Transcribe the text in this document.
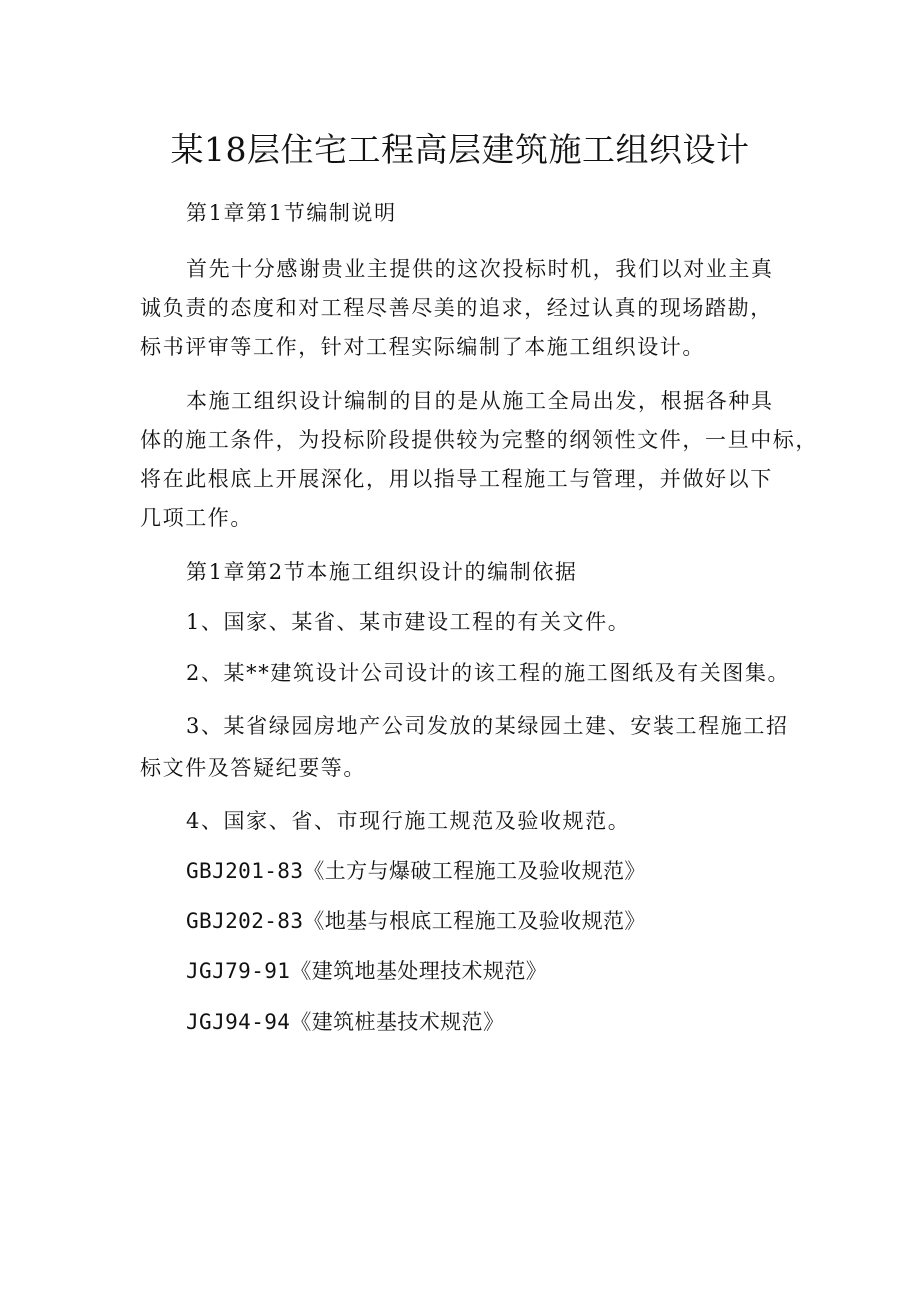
某18层住宅工程高层建筑施工组织设计
第1章第1节编制说明
首先十分感谢贵业主提供的这次投标时机，我们以对业主真
诚负责的态度和对工程尽善尽美的追求，经过认真的现场踏勘，
标书评审等工作，针对工程实际编制了本施工组织设计。
本施工组织设计编制的目的是从施工全局出发，根据各种具
体的施工条件，为投标阶段提供较为完整的纲领性文件，一旦中标，
将在此根底上开展深化，用以指导工程施工与管理，并做好以下
几项工作。
第1章第2节本施工组织设计的编制依据
1、国家、某省、某市建设工程的有关文件。
2、某**建筑设计公司设计的该工程的施工图纸及有关图集。
3、某省绿园房地产公司发放的某绿园土建、安装工程施工招
标文件及答疑纪要等。
4、国家、省、市现行施工规范及验收规范。
GBJ201-83《土方与爆破工程施工及验收规范》
GBJ202-83《地基与根底工程施工及验收规范》
JGJ79-91《建筑地基处理技术规范》
JGJ94-94《建筑桩基技术规范》
